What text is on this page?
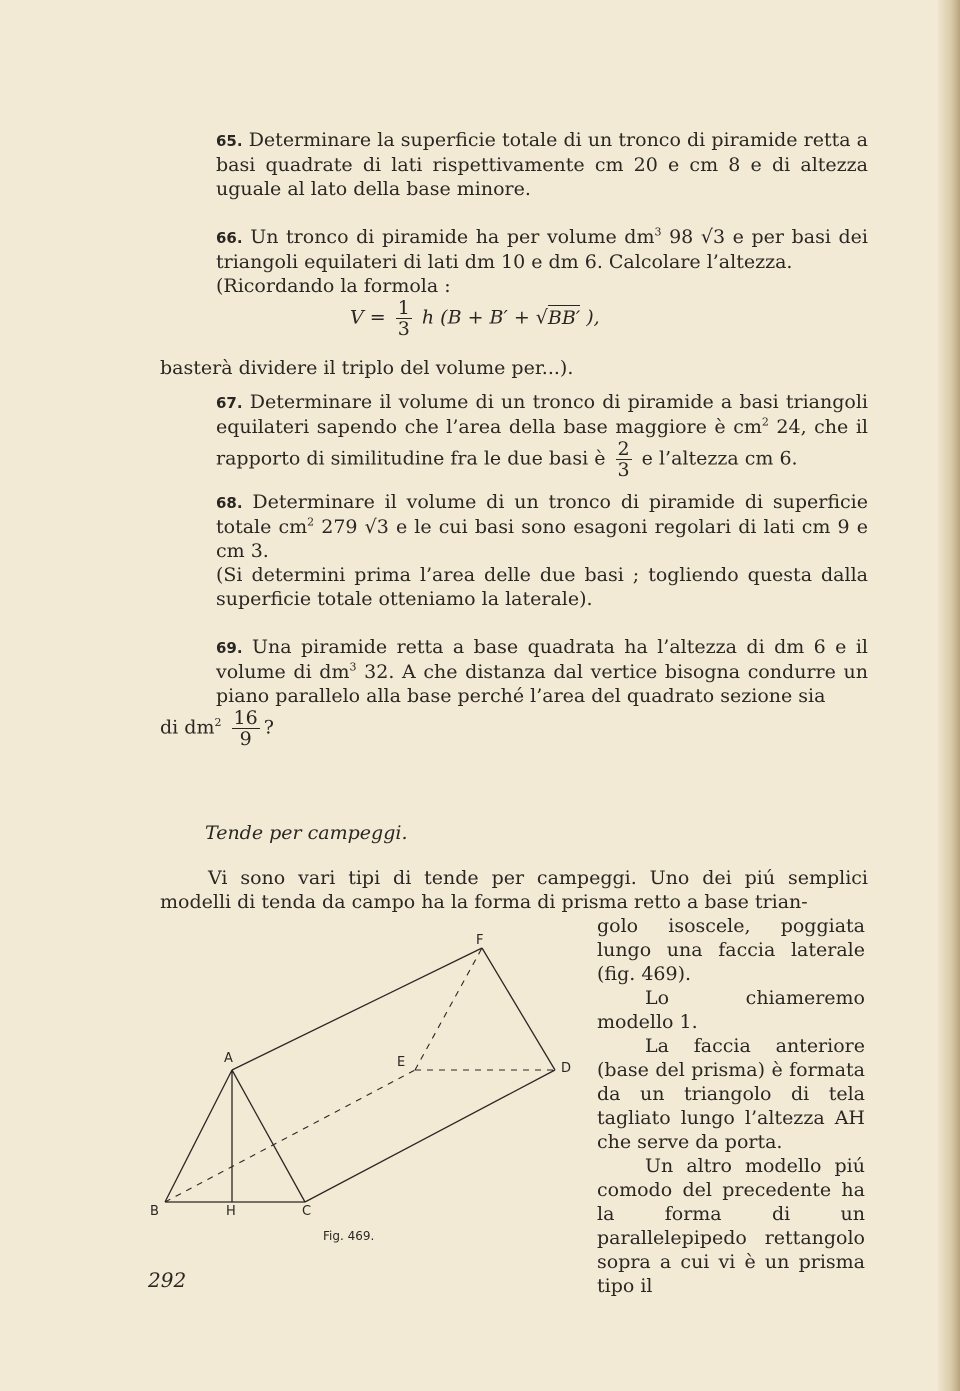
65. Determinare la superficie totale di un tronco di piramide retta a basi quadrate di lati rispettivamente cm 20 e cm 8 e di altezza uguale al lato della base minore.

66. Un tronco di piramide ha per volume $dm^3$ 98 √3 e per basi dei triangoli equilateri di lati dm 10 e dm 6. Calcolare l’altezza.

(Ricordando la formola :

$V = \frac{1}{3}$ h (B + B′ + √BB′ ),

basterà dividere il triplo del volume per...).

67. Determinare il volume di un tronco di piramide a basi triangoli equilateri sapendo che l’area della base maggiore è $cm^2$ 24, che il rapporto di similitudine fra le due basi è $\frac{2}{3}$ e l’altezza cm 6.

68. Determinare il volume di un tronco di piramide di superficie totale $cm^2$ 279 √3 e le cui basi sono esagoni regolari di lati cm 9 e cm 3.

(Si determini prima l’area delle due basi ; togliendo questa dalla superficie totale otteniamo la laterale).

69. Una piramide retta a base quadrata ha l’altezza di dm 6 e il volume di $dm^3$ 32. A che distanza dal vertice bisogna condurre un piano parallelo alla base perché l’area del quadrato sezione sia

di $dm^2 \frac{16}{9}$ ?

Tende per campeggi.

Vi sono vari tipi di tende per campeggi. Uno dei piú semplici modelli di tenda da campo ha la forma di prisma retto a base trian-

golo isoscele, poggiata lungo una faccia laterale (fig. 469).

Lo chiameremo modello 1.

La faccia anteriore (base del prisma) è formata da un triangolo di tela tagliato lungo l’altezza AH che serve da porta.

Un altro modello piú comodo del precedente ha la forma di un parallelepipedo rettangolo sopra a cui vi è un prisma tipo il

A
B	H	C
D
E
F
Fig. 469.
292
